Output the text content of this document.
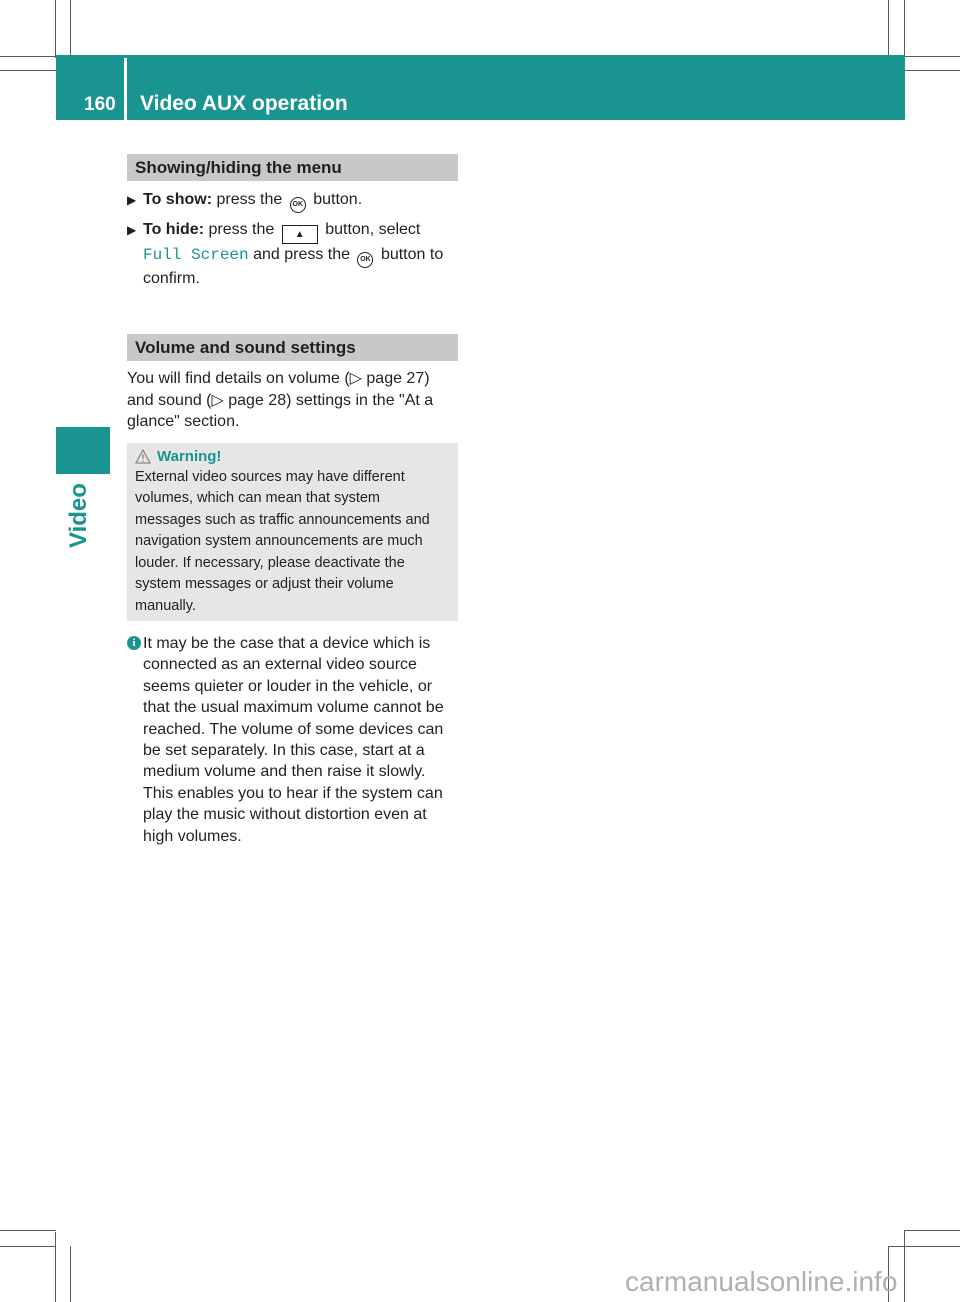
160 Video AUX operation
Video
Showing/hiding the menu
▶ To show: press the OK button.
▶ To hide: press the ▲ button, select
Full Screen and press the OK button to confirm.
Volume and sound settings
You will find details on volume (▷ page 27) and sound (▷ page 28) settings in the "At a glance" section.
Warning!
External video sources may have different volumes, which can mean that system messages such as traffic announcements and navigation system announcements are much louder. If necessary, please deactivate the system messages or adjust their volume manually.
i It may be the case that a device which is connected as an external video source seems quieter or louder in the vehicle, or that the usual maximum volume cannot be reached. The volume of some devices can be set separately. In this case, start at a medium volume and then raise it slowly. This enables you to hear if the system can play the music without distortion even at high volumes.
carmanualsonline.info
